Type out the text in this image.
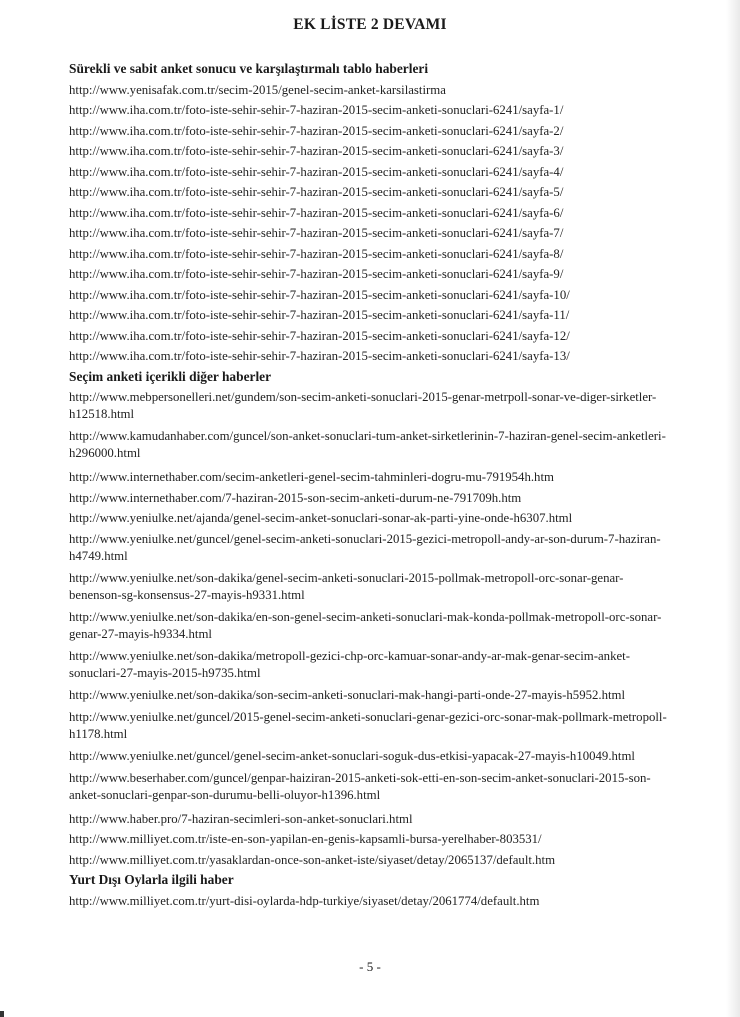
EK LİSTE 2 DEVAMI
Sürekli ve sabit anket sonucu ve karşılaştırmalı tablo haberleri
http://www.yenisafak.com.tr/secim-2015/genel-secim-anket-karsilastirma
http://www.iha.com.tr/foto-iste-sehir-sehir-7-haziran-2015-secim-anketi-sonuclari-6241/sayfa-1/
http://www.iha.com.tr/foto-iste-sehir-sehir-7-haziran-2015-secim-anketi-sonuclari-6241/sayfa-2/
http://www.iha.com.tr/foto-iste-sehir-sehir-7-haziran-2015-secim-anketi-sonuclari-6241/sayfa-3/
http://www.iha.com.tr/foto-iste-sehir-sehir-7-haziran-2015-secim-anketi-sonuclari-6241/sayfa-4/
http://www.iha.com.tr/foto-iste-sehir-sehir-7-haziran-2015-secim-anketi-sonuclari-6241/sayfa-5/
http://www.iha.com.tr/foto-iste-sehir-sehir-7-haziran-2015-secim-anketi-sonuclari-6241/sayfa-6/
http://www.iha.com.tr/foto-iste-sehir-sehir-7-haziran-2015-secim-anketi-sonuclari-6241/sayfa-7/
http://www.iha.com.tr/foto-iste-sehir-sehir-7-haziran-2015-secim-anketi-sonuclari-6241/sayfa-8/
http://www.iha.com.tr/foto-iste-sehir-sehir-7-haziran-2015-secim-anketi-sonuclari-6241/sayfa-9/
http://www.iha.com.tr/foto-iste-sehir-sehir-7-haziran-2015-secim-anketi-sonuclari-6241/sayfa-10/
http://www.iha.com.tr/foto-iste-sehir-sehir-7-haziran-2015-secim-anketi-sonuclari-6241/sayfa-11/
http://www.iha.com.tr/foto-iste-sehir-sehir-7-haziran-2015-secim-anketi-sonuclari-6241/sayfa-12/
http://www.iha.com.tr/foto-iste-sehir-sehir-7-haziran-2015-secim-anketi-sonuclari-6241/sayfa-13/
Seçim anketi içerikli diğer haberler
http://www.mebpersonelleri.net/gundem/son-secim-anketi-sonuclari-2015-genar-metrpoll-sonar-ve-diger-sirketler-h12518.html
http://www.kamudanhaber.com/guncel/son-anket-sonuclari-tum-anket-sirketlerinin-7-haziran-genel-secim-anketleri-h296000.html
http://www.internethaber.com/secim-anketleri-genel-secim-tahminleri-dogru-mu-791954h.htm
http://www.internethaber.com/7-haziran-2015-son-secim-anketi-durum-ne-791709h.htm
http://www.yeniulke.net/ajanda/genel-secim-anket-sonuclari-sonar-ak-parti-yine-onde-h6307.html
http://www.yeniulke.net/guncel/genel-secim-anketi-sonuclari-2015-gezici-metropoll-andy-ar-son-durum-7-haziran-h4749.html
http://www.yeniulke.net/son-dakika/genel-secim-anketi-sonuclari-2015-pollmak-metropoll-orc-sonar-genar-benenson-sg-konsensus-27-mayis-h9331.html
http://www.yeniulke.net/son-dakika/en-son-genel-secim-anketi-sonuclari-mak-konda-pollmak-metropoll-orc-sonar-genar-27-mayis-h9334.html
http://www.yeniulke.net/son-dakika/metropoll-gezici-chp-orc-kamuar-sonar-andy-ar-mak-genar-secim-anket-sonuclari-27-mayis-2015-h9735.html
http://www.yeniulke.net/son-dakika/son-secim-anketi-sonuclari-mak-hangi-parti-onde-27-mayis-h5952.html
http://www.yeniulke.net/guncel/2015-genel-secim-anketi-sonuclari-genar-gezici-orc-sonar-mak-pollmark-metropoll-h1178.html
http://www.yeniulke.net/guncel/genel-secim-anket-sonuclari-soguk-dus-etkisi-yapacak-27-mayis-h10049.html
http://www.beserhaber.com/guncel/genpar-haiziran-2015-anketi-sok-etti-en-son-secim-anket-sonuclari-2015-son-anket-sonuclari-genpar-son-durumu-belli-oluyor-h1396.html
http://www.haber.pro/7-haziran-secimleri-son-anket-sonuclari.html
http://www.milliyet.com.tr/iste-en-son-yapilan-en-genis-kapsamli-bursa-yerelhaber-803531/
http://www.milliyet.com.tr/yasaklardan-once-son-anket-iste/siyaset/detay/2065137/default.htm
Yurt Dışı Oylarla ilgili haber
http://www.milliyet.com.tr/yurt-disi-oylarda-hdp-turkiye/siyaset/detay/2061774/default.htm
- 5 -
